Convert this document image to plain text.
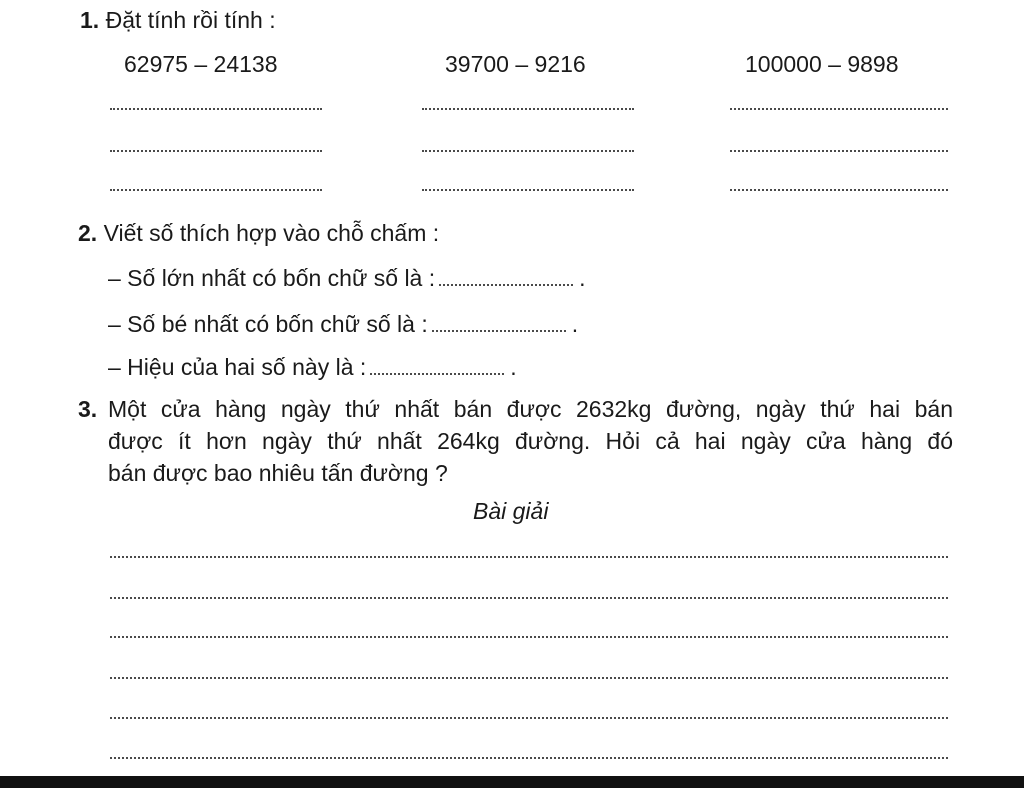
1. Đặt tính rồi tính :
62975 – 24138	39700 – 9216	100000 – 9898
2. Viết số thích hợp vào chỗ chấm :
– Số lớn nhất có bốn chữ số là :	.
– Số bé nhất có bốn chữ số là :	.
– Hiệu của hai số này là :	.
3. Một cửa hàng ngày thứ nhất bán được 2632kg đường, ngày thứ hai bán
được ít hơn ngày thứ nhất 264kg đường. Hỏi cả hai ngày cửa hàng đó
bán được bao nhiêu tấn đường ?
Bài giải
